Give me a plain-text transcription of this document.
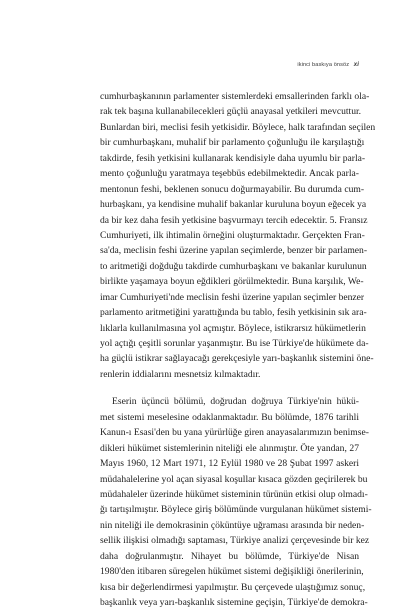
ikinci baskıya önsöz xi
cumhurbaşkanının parlamenter sistemlerdeki emsallerinden farklı ola-
rak tek başına kullanabilecekleri güçlü anayasal yetkileri mevcuttur.
Bunlardan biri, meclisi fesih yetkisidir. Böylece, halk tarafından seçilen
bir cumhurbaşkanı, muhalif bir parlamento çoğunluğu ile karşılaştığı
takdirde, fesih yetkisini kullanarak kendisiyle daha uyumlu bir parla-
mento çoğunluğu yaratmaya teşebbüs edebilmektedir. Ancak parla-
mentonun feshi, beklenen sonucu doğurmayabilir. Bu durumda cum-
hurbaşkanı, ya kendisine muhalif bakanlar kuruluna boyun eğecek ya
da bir kez daha fesih yetkisine başvurmayı tercih edecektir. 5. Fransız
Cumhuriyeti, ilk ihtimalin örneğini oluşturmaktadır. Gerçekten Fran-
sa'da, meclisin feshi üzerine yapılan seçimlerde, benzer bir parlamen-
to aritmetiği doğduğu takdirde cumhurbaşkanı ve bakanlar kurulunun
birlikte yaşamaya boyun eğdikleri görülmektedir. Buna karşılık, We-
imar Cumhuriyeti'nde meclisin feshi üzerine yapılan seçimler benzer
parlamento aritmetiğini yarattığında bu tablo, fesih yetkisinin sık ara-
lıklarla kullanılmasına yol açmıştır. Böylece, istikrarsız hükümetlerin
yol açtığı çeşitli sorunlar yaşanmıştır. Bu ise Türkiye'de hükümete da-
ha güçlü istikrar sağlayacağı gerekçesiyle yarı-başkanlık sistemini öne-
renlerin iddialarını mesnetsiz kılmaktadır.
Eserin üçüncü bölümü, doğrudan doğruya Türkiye'nin hükü-
met sistemi meselesine odaklanmaktadır. Bu bölümde, 1876 tarihli
Kanun-ı Esasi'den bu yana yürürlüğe giren anayasalarımızın benimse-
dikleri hükümet sistemlerinin niteliği ele alınmıştır. Öte yandan, 27
Mayıs 1960, 12 Mart 1971, 12 Eylül 1980 ve 28 Şubat 1997 askeri
müdahalelerine yol açan siyasal koşullar kısaca gözden geçirilerek bu
müdahaleler üzerinde hükümet sisteminin türünün etkisi olup olmadı-
ğı tartışılmıştır. Böylece giriş bölümünde vurgulanan hükümet sistemi-
nin niteliği ile demokrasinin çöküntüye uğraması arasında bir neden-
sellik ilişkisi olmadığı saptaması, Türkiye analizi çerçevesinde bir kez
daha doğrulanmıştır. Nihayet bu bölümde, Türkiye'de Nisan
1980'den itibaren süregelen hükümet sistemi değişikliği önerilerinin,
kısa bir değerlendirmesi yapılmıştır. Bu çerçevede ulaştığımız sonuç,
başkanlık veya yarı-başkanlık sistemine geçişin, Türkiye'de demokra-
